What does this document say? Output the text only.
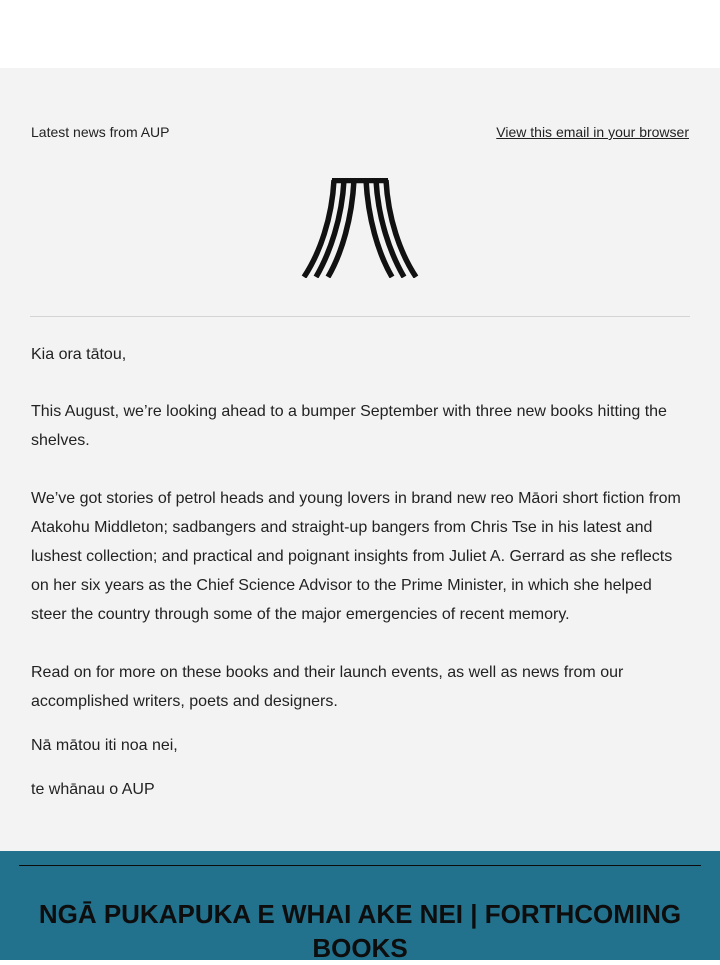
Latest news from AUP	View this email in your browser

Kia ora tātou,

This August, we’re looking ahead to a bumper September with three new books hitting the shelves.

We’ve got stories of petrol heads and young lovers in brand new reo Māori short fiction from Atakohu Middleton; sadbangers and straight-up bangers from Chris Tse in his latest and lushest collection; and practical and poignant insights from Juliet A. Gerrard as she reflects on her six years as the Chief Science Advisor to the Prime Minister, in which she helped steer the country through some of the major emergencies of recent memory.

Read on for more on these books and their launch events, as well as news from our accomplished writers, poets and designers.

Nā mātou iti noa nei,

te whānau o AUP

NGĀ PUKAPUKA E WHAI AKE NEI | FORTHCOMING BOOKS
